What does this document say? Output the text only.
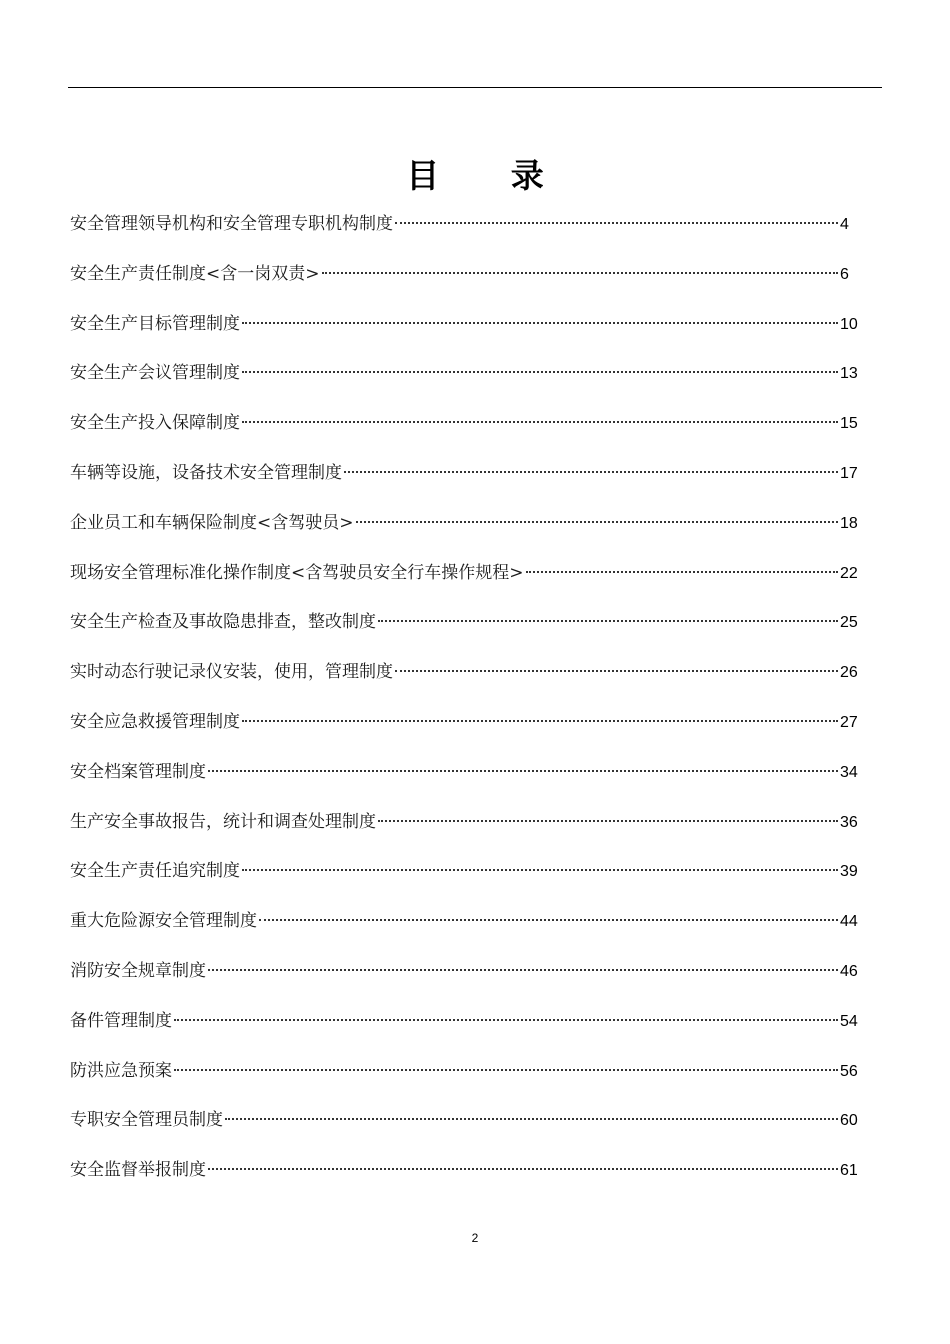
目 录
安全管理领导机构和安全管理专职机构制度	4
安全生产责任制度<含一岗双责>	6
安全生产目标管理制度	10
安全生产会议管理制度	13
安全生产投入保障制度	15
车辆等设施，设备技术安全管理制度	17
企业员工和车辆保险制度<含驾驶员>	18
现场安全管理标准化操作制度<含驾驶员安全行车操作规程>	22
安全生产检查及事故隐患排查，整改制度	25
实时动态行驶记录仪安装，使用，管理制度	26
安全应急救援管理制度	27
安全档案管理制度	34
生产安全事故报告，统计和调查处理制度	36
安全生产责任追究制度	39
重大危险源安全管理制度	44
消防安全规章制度	46
备件管理制度	54
防洪应急预案	56
专职安全管理员制度	60
安全监督举报制度	61
2
